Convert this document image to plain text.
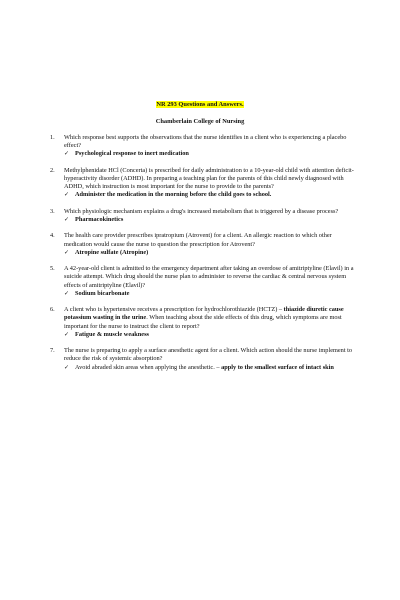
NR 293 Questions and Answers.
Chamberlain College of Nursing
1. Which response best supports the observations that the nurse identifies in a client who is experiencing a placebo effect?
✓ Psychological response to inert medication
2. Methylphenidate HCl (Concerta) is prescribed for daily administration to a 10-year-old child with attention deficit-hyperactivity disorder (ADHD). In preparing a teaching plan for the parents of this child newly diagnosed with ADHD, which instruction is most important for the nurse to provide to the parents?
✓ Administer the medication in the morning before the child goes to school.
3. Which physiologic mechanism explains a drug's increased metabolism that is triggered by a disease process?
✓ Pharmacokinetics
4. The health care provider prescribes ipratropium (Atrovent) for a client. An allergic reaction to which other medication would cause the nurse to question the prescription for Atrovent?
✓ Atropine sulfate (Atropine)
5. A 42-year-old client is admitted to the emergency department after taking an overdose of amitriptyline (Elavil) in a suicide attempt. Which drug should the nurse plan to administer to reverse the cardiac & central nervous system effects of amitriptyline (Elavil)?
✓ Sodium bicarbonate
6. A client who is hypertensive receives a prescription for hydrochlorothiazide (HCTZ) – thiazide diuretic cause potassium wasting in the urine. When teaching about the side effects of this drug, which symptoms are most important for the nurse to instruct the client to report?
✓ Fatigue & muscle weakness
7. The nurse is preparing to apply a surface anesthetic agent for a client. Which action should the nurse implement to reduce the risk of systemic absorption?
✓ Avoid abraded skin areas when applying the anesthetic. – apply to the smallest surface of intact skin
